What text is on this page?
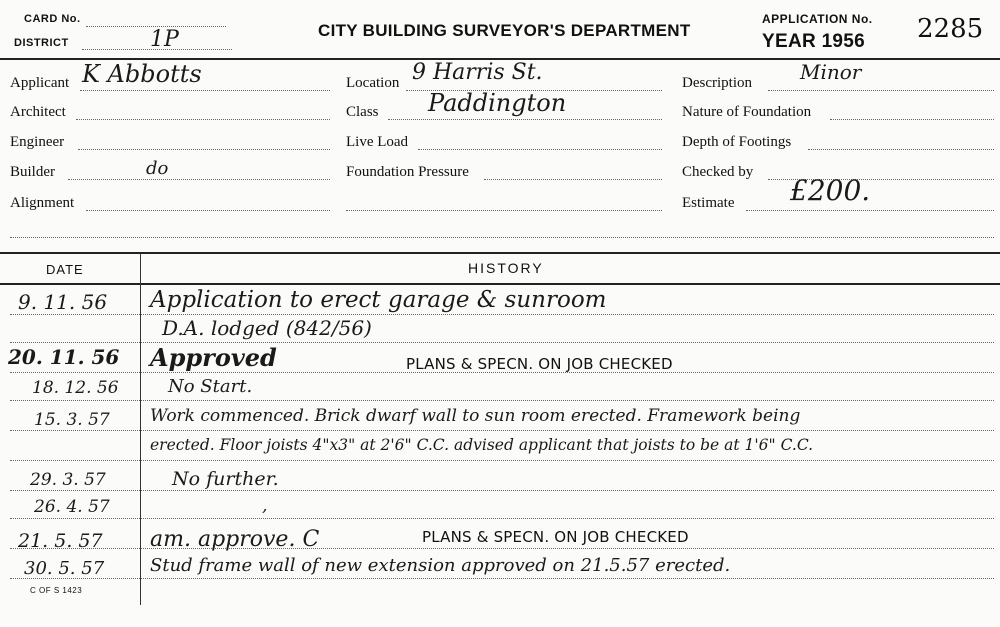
CARD No.
DISTRICT	1P	CITY BUILDING SURVEYOR'S DEPARTMENT
APPLICATION No.
YEAR 1956 2285
Applicant K Abbotts
Architect
Engineer
Builder	do
Alignment
Location 9 Harris St.
Class Paddington
Live Load
Foundation Pressure
Description Minor
Nature of Foundation
Depth of Footings
Checked by
Estimate £200.
DATE	HISTORY
9. 11. 56 Application to erect garage & sunroom
D.A. lodged (842/56)
20. 11. 56 Approved	PLANS & SPECN. ON JOB CHECKED
18. 12. 56	No Start.
15. 3. 57 Work commenced. Brick dwarf wall to sun room erected. Framework being
erected. Floor joists 4"x3" at 2'6" C.C. advised applicant that joists to be at 1'6" C.C.
29. 3. 57	No further.
26. 4. 57	,
21. 5. 57 am. approve. C	PLANS & SPECN. ON JOB CHECKED
30. 5. 57	Stud frame wall of new extension approved on 21.5.57 erected.
C OF S 1423
